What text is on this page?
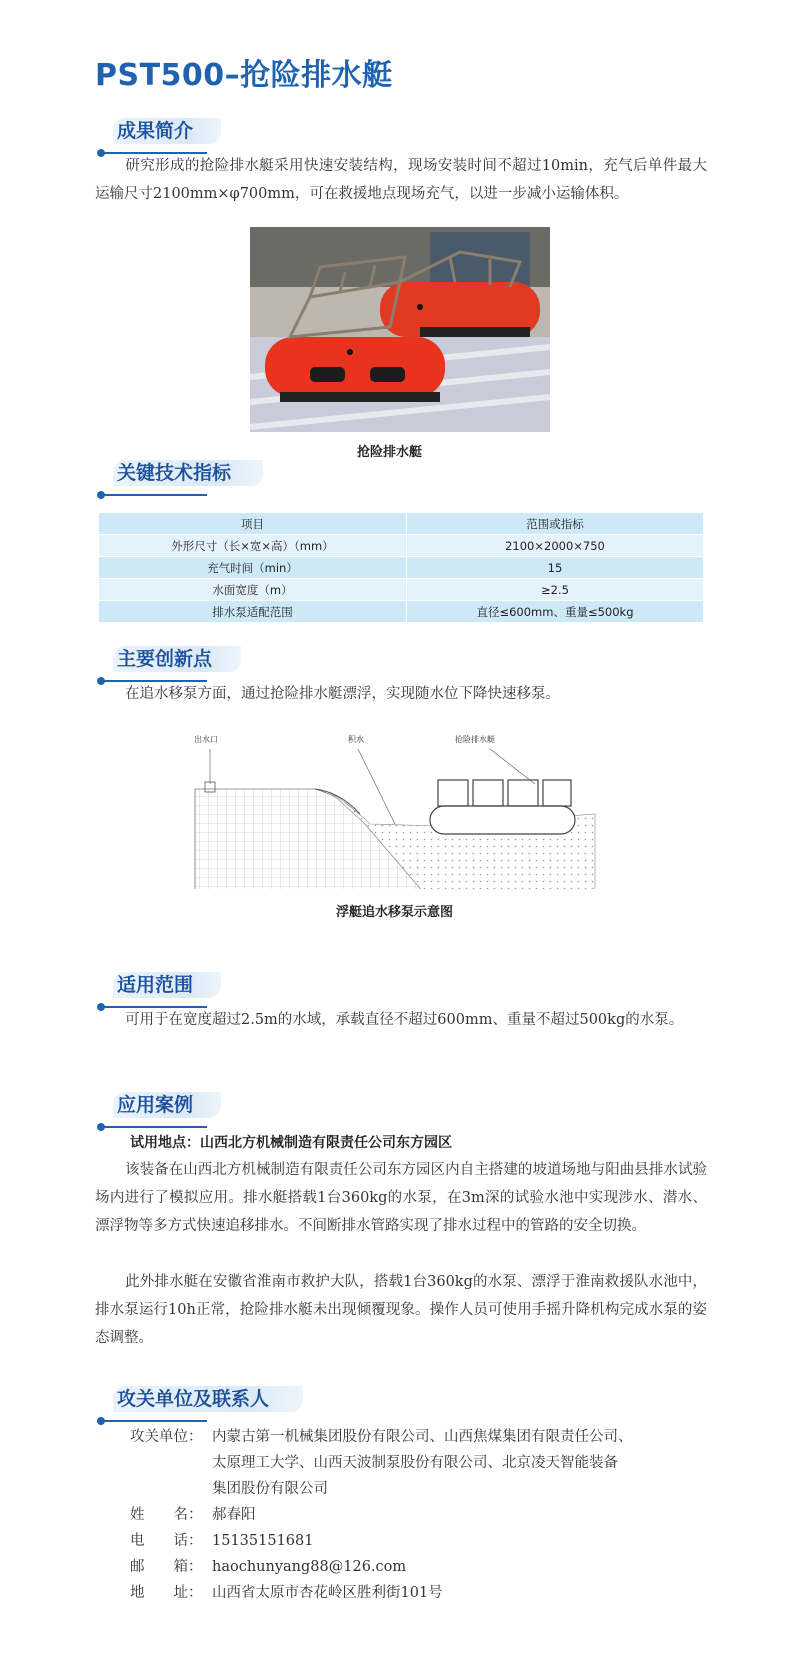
PST500–抢险排水艇
成果简介
研究形成的抢险排水艇采用快速安装结构，现场安装时间不超过10min，充气后单件最大运输尺寸2100mm×φ700mm，可在救援地点现场充气，以进一步减小运输体积。
抢险排水艇
关键技术指标
项目	范围或指标
外形尺寸（长×宽×高）（mm）	2100×2000×750
充气时间（min）	15
水面宽度（m）	≥2.5
排水泵适配范围	直径≤600mm、重量≤500kg
主要创新点
在追水移泵方面，通过抢险排水艇漂浮，实现随水位下降快速移泵。
出水口	积水	抢险排水艇
浮艇追水移泵示意图
适用范围
可用于在宽度超过2.5m的水域，承载直径不超过600mm、重量不超过500kg的水泵。
应用案例
试用地点：山西北方机械制造有限责任公司东方园区
该装备在山西北方机械制造有限责任公司东方园区内自主搭建的坡道场地与阳曲县排水试验场内进行了模拟应用。排水艇搭载1台360kg的水泵，在3m深的试验水池中实现涉水、潜水、漂浮物等多方式快速追移排水。不间断排水管路实现了排水过程中的管路的安全切换。
此外排水艇在安徽省淮南市救护大队，搭载1台360kg的水泵、漂浮于淮南救援队水池中，排水泵运行10h正常，抢险排水艇未出现倾覆现象。操作人员可使用手摇升降机构完成水泵的姿态调整。
攻关单位及联系人
攻关单位： 内蒙古第一机械集团股份有限公司、山西焦煤集团有限责任公司、
太原理工大学、山西天波制泵股份有限公司、北京凌天智能装备
集团股份有限公司
姓　　名： 郝春阳
电　　话： 15135151681
邮　　箱： haochunyang88@126.com
地　　址： 山西省太原市杏花岭区胜利街101号
